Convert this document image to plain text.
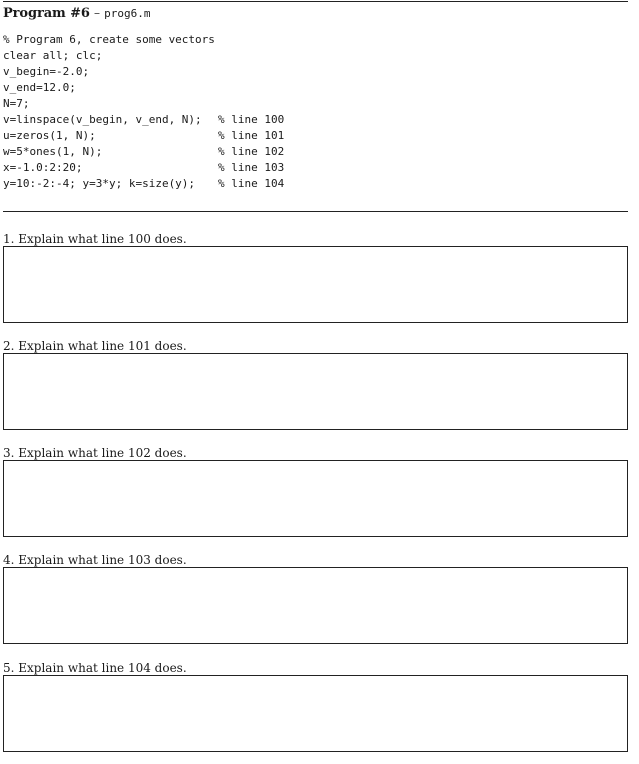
Program #6 – prog6.m
% Program 6, create some vectors
clear all; clc;
v_begin=-2.0;
v_end=12.0;
N=7;
v=linspace(v_begin, v_end, N); % line 100
u=zeros(1, N);	% line 101
w=5*ones(1, N);	% line 102
x=-1.0:2:20;	% line 103
y=10:-2:-4; y=3*y; k=size(y); % line 104
1. Explain what line 100 does.
2. Explain what line 101 does.
3. Explain what line 102 does.
4. Explain what line 103 does.
5. Explain what line 104 does.
